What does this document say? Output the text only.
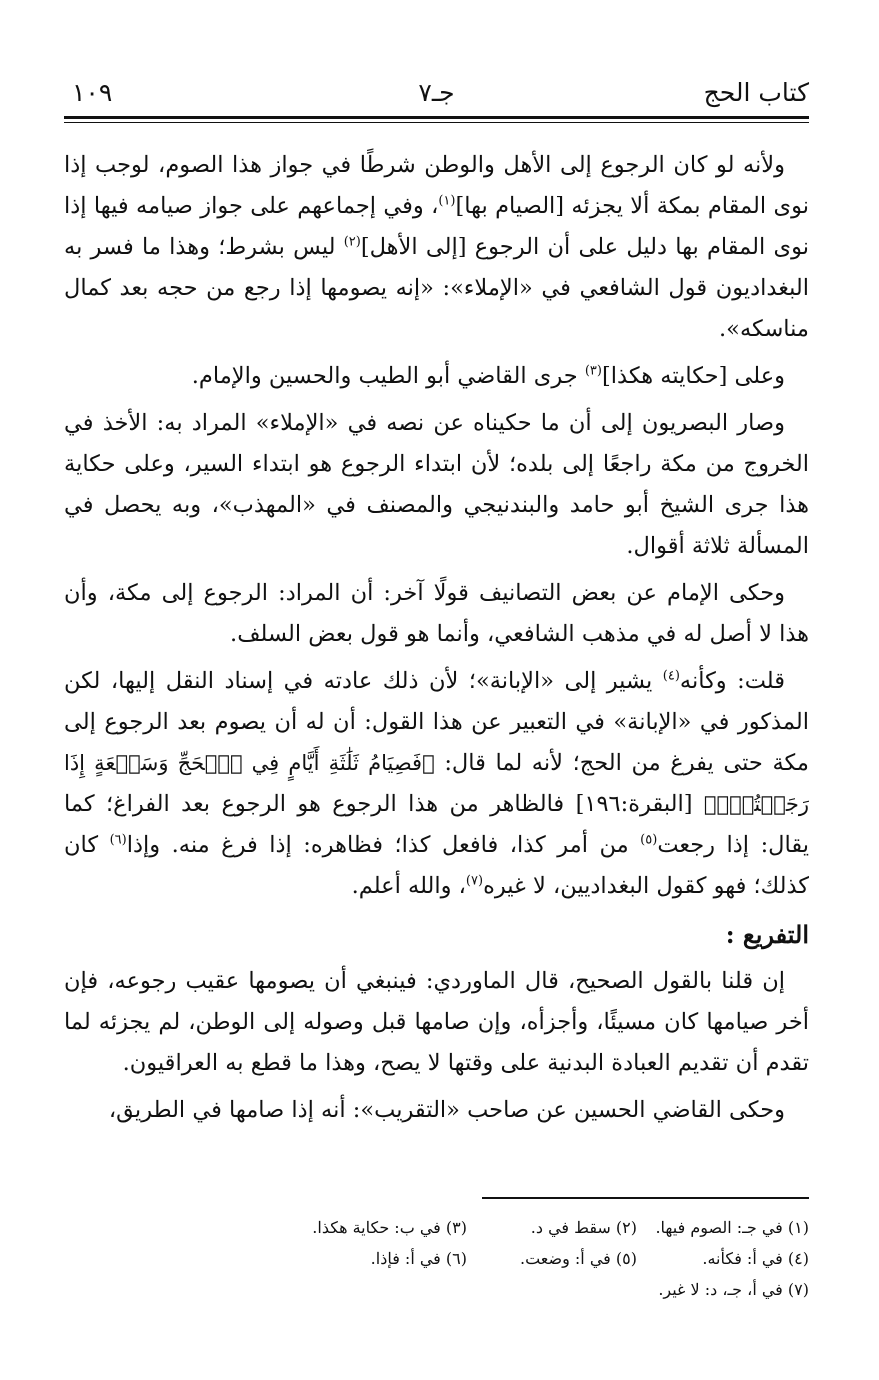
كتاب الحج
جـ٧
١٠٩

ولأنه لو كان الرجوع إلى الأهل والوطن شرطًا في جواز هذا الصوم، لوجب إذا نوى المقام بمكة ألا يجزئه [الصيام بها]$^{(١)}$، وفي إجماعهم على جواز صيامه فيها إذا نوى المقام بها دليل على أن الرجوع [إلى الأهل]$^{(٢)}$ ليس بشرط؛ وهذا ما فسر به البغداديون قول الشافعي في «الإملاء»: «إنه يصومها إذا رجع من حجه بعد كمال مناسكه».

وعلى [حكايته هكذا]$^{(٣)}$ جرى القاضي أبو الطيب والحسين والإمام.

وصار البصريون إلى أن ما حكيناه عن نصه في «الإملاء» المراد به: الأخذ في الخروج من مكة راجعًا إلى بلده؛ لأن ابتداء الرجوع هو ابتداء السير، وعلى حكاية هذا جرى الشيخ أبو حامد والبندنيجي والمصنف في «المهذب»، وبه يحصل في المسألة ثلاثة أقوال.

وحكى الإمام عن بعض التصانيف قولًا آخر: أن المراد: الرجوع إلى مكة، وأن هذا لا أصل له في مذهب الشافعي، وأنما هو قول بعض السلف.

قلت: وكأنه$^{(٤)}$ يشير إلى «الإبانة»؛ لأن ذلك عادته في إسناد النقل إليها، لكن المذكور في «الإبانة» في التعبير عن هذا القول: أن له أن يصوم بعد الرجوع إلى مكة حتى يفرغ من الحج؛ لأنه لما قال: ﴿فَصِيَامُ ثَلَٰثَةِ أَيَّامٍ فِي ٱلۡحَجِّ وَسَبۡعَةٍ إِذَا رَجَعۡتُمۡۗ﴾ [البقرة:١٩٦] فالظاهر من هذا الرجوع هو الرجوع بعد الفراغ؛ كما يقال: إذا رجعت$^{(٥)}$ من أمر كذا، فافعل كذا؛ فظاهره: إذا فرغ منه. وإذا$^{(٦)}$ كان كذلك؛ فهو كقول البغداديين، لا غيره$^{(٧)}$، والله أعلم.

التفريع :

إن قلنا بالقول الصحيح، قال الماوردي: فينبغي أن يصومها عقيب رجوعه، فإن أخر صيامها كان مسيئًا، وأجزأه، وإن صامها قبل وصوله إلى الوطن، لم يجزئه لما تقدم أن تقديم العبادة البدنية على وقتها لا يصح، وهذا ما قطع به العراقيون.

وحكى القاضي الحسين عن صاحب «التقريب»: أنه إذا صامها في الطريق،

(١) في جـ: الصوم فيها.
(٢) سقط في د.
(٣) في ب: حكاية هكذا.
(٤) في أ: فكأنه.
(٥) في أ: وضعت.
(٦) في أ: فإذا.
(٧) في أ، جـ، د: لا غير.
